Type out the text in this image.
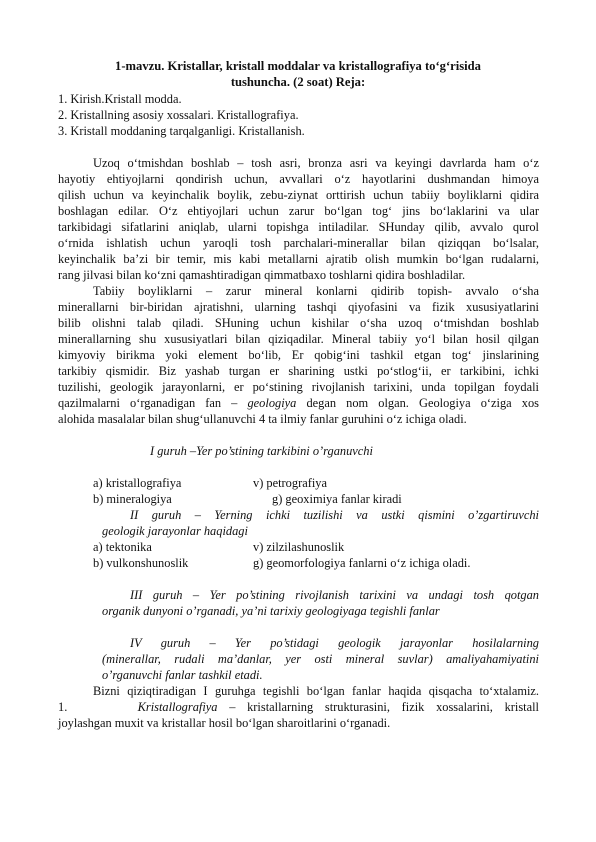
1-mavzu. Kristallar, kristall moddalar va kristallografiya to‘g‘risida
tushuncha. (2 soat) Reja:
1. Kirish.Kristall modda.
2. Kristallning asosiy xossalari. Kristallografiya.
3. Kristall moddaning tarqalganligi. Kristallanish.
Uzoq o‘tmishdan boshlab – tosh asri, bronza asri va keyingi davrlarda ham o‘z
hayotiy ehtiyojlarni qondirish uchun, avvallari o‘z hayotlarini dushmandan himoya
qilish uchun va keyinchalik boylik, zebu-ziynat orttirish uchun tabiiy boyliklarni qidira
boshlagan edilar. O‘z ehtiyojlari uchun zarur bo‘lgan tog‘ jins bo‘laklarini va ular
tarkibidagi sifatlarini aniqlab, ularni topishga intiladilar. SHunday qilib, avvalo qurol
o‘rnida ishlatish uchun yaroqli tosh parchalari-minerallar bilan qiziqqan bo‘lsalar,
keyinchalik ba’zi bir temir, mis kabi metallarni ajratib olish mumkin bo‘lgan rudalarni,
rang jilvasi bilan ko‘zni qamashtiradigan qimmatbaxo toshlarni qidira boshladilar.
Tabiiy boyliklarni – zarur mineral konlarni qidirib topish- avvalo o‘sha
minerallarni bir-biridan ajratishni, ularning tashqi qiyofasini va fizik xususiyatlarini
bilib olishni talab qiladi. SHuning uchun kishilar o‘sha uzoq o‘tmishdan boshlab
minerallarning shu xususiyatlari bilan qiziqadilar. Mineral tabiiy yo‘l bilan hosil qilgan
kimyoviy birikma yoki element bo‘lib, Er qobig‘ini tashkil etgan tog‘ jinslarining
tarkibiy qismidir. Biz yashab turgan er sharining ustki po‘stlog‘ii, er tarkibini, ichki
tuzilishi, geologik jarayonlarni, er po‘stining rivojlanish tarixini, unda topilgan foydali
qazilmalarni o‘rganadigan fan – geologiya degan nom olgan. Geologiya o‘ziga xos
alohida masalalar bilan shug‘ullanuvchi 4 ta ilmiy fanlar guruhini o‘z ichiga oladi.
I guruh –Yer po’stining tarkibini o’rganuvchi
a) kristallografiya	v) petrografiya
b) mineralogiya	g) geoximiya fanlar kiradi
II guruh – Yerning ichki tuzilishi va ustki qismini o’zgartiruvchi
geologik jarayonlar haqidagi
a) tektonika	v) zilzilashunoslik
b) vulkonshunoslik	g) geomorfologiya fanlarni o‘z ichiga oladi.
III guruh – Yer po’stining rivojlanish tarixini va undagi tosh qotgan
organik dunyoni o’rganadi, ya’ni tarixiy geologiyaga tegishli fanlar
IV guruh – Yer po’stidagi geologik jarayonlar hosilalarning
(minerallar, rudali ma’danlar, yer osti mineral suvlar) amaliyahamiyatini
o’rganuvchi fanlar tashkil etadi.
Bizni qiziqtiradigan I guruhga tegishli bo‘lgan fanlar haqida qisqacha to‘xtalamiz.
1.	Kristallografiya – kristallarning strukturasini, fizik xossalarini, kristall
joylashgan muxit va kristallar hosil bo‘lgan sharoitlarini o‘rganadi.
